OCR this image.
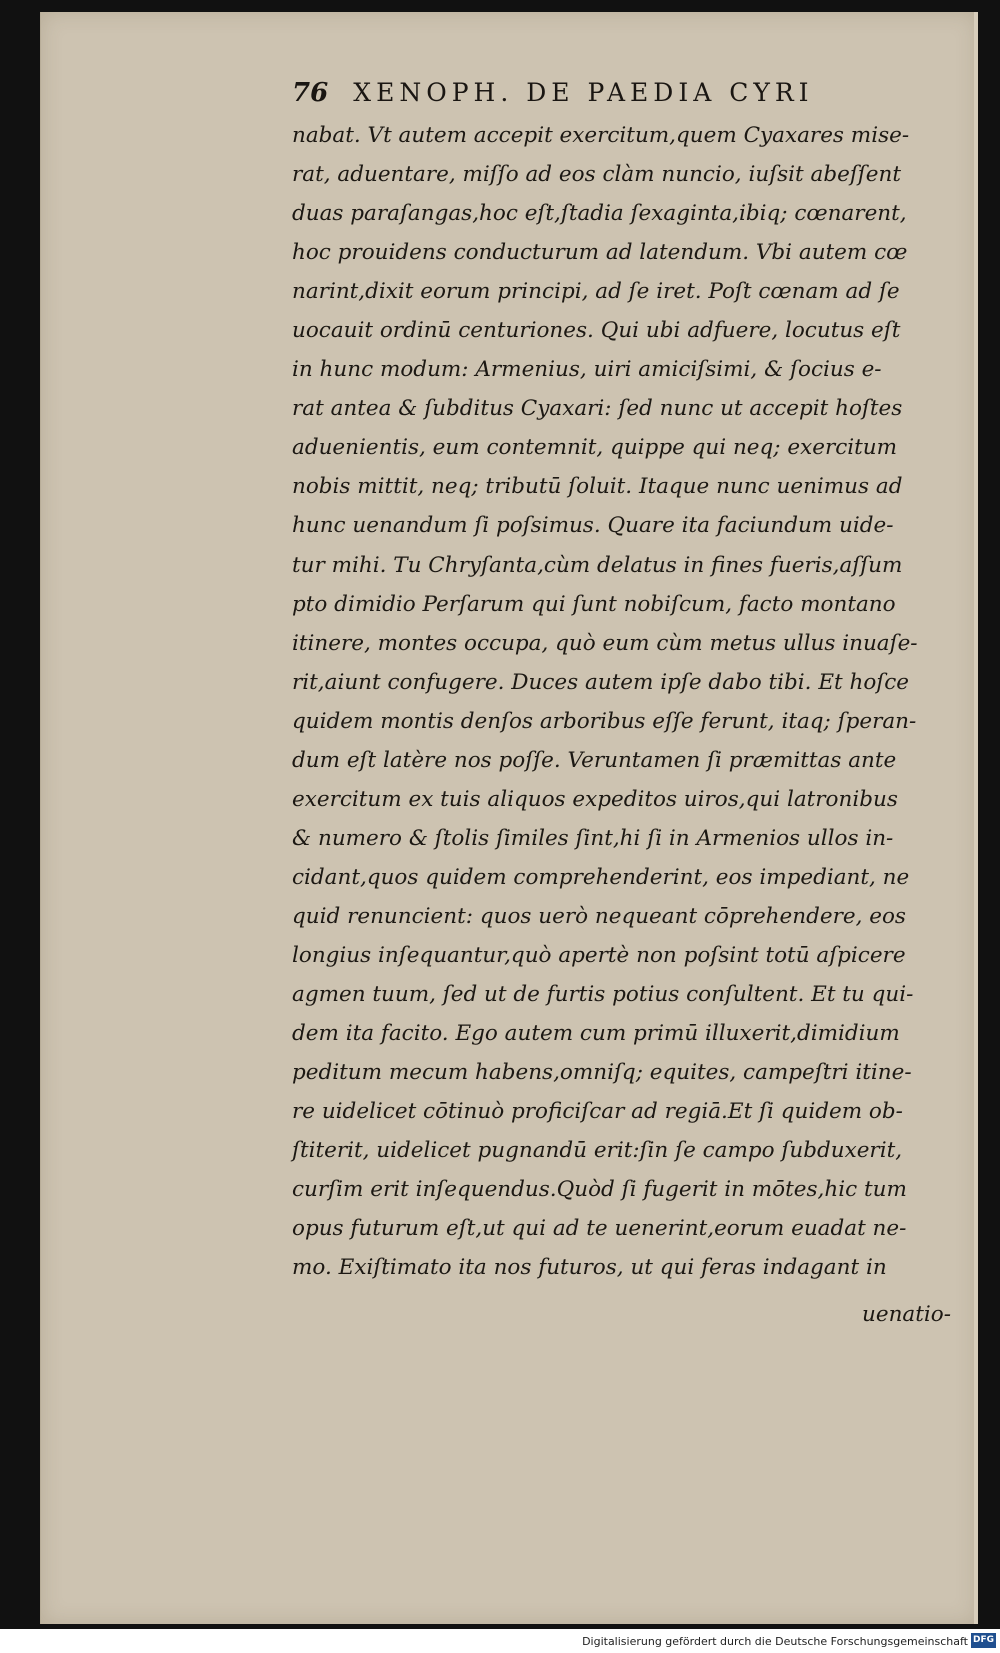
76 XENOPH. DE PAEDIA CYRI
nabat. Vt autem accepit exercitum,quem Cyaxares mise-
rat, aduentare, miſſo ad eos clàm nuncio, iuſsit abeſſent
duas paraſangas,hoc eſt,ſtadia ſexaginta,ibiq; cœnarent,
hoc prouidens conducturum ad latendum. Vbi autem cœ
narint,dixit eorum principi, ad ſe iret. Poſt cœnam ad ſe
uocauit ordinū centuriones. Qui ubi adfuere, locutus eſt
in hunc modum: Armenius, uiri amiciſsimi, & ſocius e-
rat antea & ſubditus Cyaxari: ſed nunc ut accepit hoſtes
aduenientis, eum contemnit, quippe qui neq; exercitum
nobis mittit, neq; tributū ſoluit. Itaque nunc uenimus ad
hunc uenandum ſi poſsimus. Quare ita faciundum uide-
tur mihi. Tu Chryſanta,cùm delatus in fines fueris,aſſum
pto dimidio Perſarum qui ſunt nobiſcum, facto montano
itinere, montes occupa, quò eum cùm metus ullus inuaſe-
rit,aiunt confugere. Duces autem ipſe dabo tibi. Et hoſce
quidem montis denſos arboribus eſſe ferunt, itaq; ſperan-
dum eſt latère nos poſſe. Veruntamen ſi præmittas ante
exercitum ex tuis aliquos expeditos uiros,qui latronibus
& numero & ſtolis ſimiles ſint,hi ſi in Armenios ullos in-
cidant,quos quidem comprehenderint, eos impediant, ne
quid renuncient: quos uerò nequeant cōprehendere, eos
longius inſequantur,quò apertè non poſsint totū aſpicere
agmen tuum, ſed ut de furtis potius conſultent. Et tu qui-
dem ita facito. Ego autem cum primū illuxerit,dimidium
peditum mecum habens,omniſq; equites, campeſtri itine-
re uidelicet cōtinuò proficiſcar ad regiā.Et ſi quidem ob-
ſtiterit, uidelicet pugnandū erit:ſin ſe campo ſubduxerit,
curſim erit inſequendus.Quòd ſi fugerit in mōtes,hic tum
opus futurum eſt,ut qui ad te uenerint,eorum euadat ne-
mo. Exiſtimato ita nos futuros, ut qui feras indagant in
uenatio-
Digitalisierung gefördert durch die Deutsche Forschungsgemeinschaft DFG
